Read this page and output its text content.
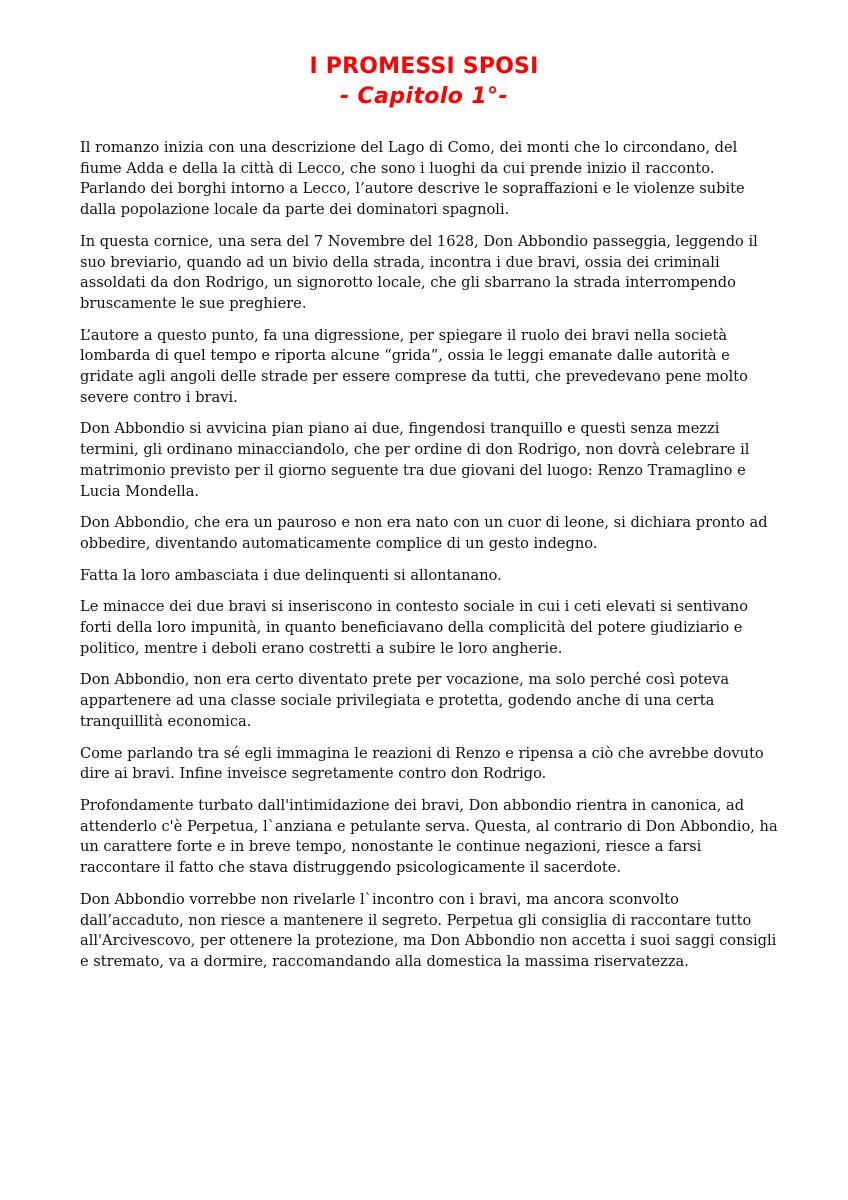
I PROMESSI SPOSI
- Capitolo 1°-

Il romanzo inizia con una descrizione del Lago di Como, dei monti che lo circondano, del fiume Adda e della la città di Lecco, che sono i luoghi da cui prende inizio il racconto. Parlando dei borghi intorno a Lecco, l’autore descrive le sopraffazioni e le violenze subite dalla popolazione locale da parte dei dominatori spagnoli.

In questa cornice, una sera del 7 Novembre del 1628, Don Abbondio passeggia, leggendo il suo breviario, quando ad un bivio della strada, incontra i due bravi, ossia dei criminali assoldati da don Rodrigo, un signorotto locale, che gli sbarrano la strada interrompendo bruscamente le sue preghiere.

L’autore a questo punto, fa una digressione, per spiegare il ruolo dei bravi nella società lombarda di quel tempo e riporta alcune “grida”, ossia le leggi emanate dalle autorità e gridate agli angoli delle strade per essere comprese da tutti, che prevedevano pene molto severe contro i bravi.

Don Abbondio si avvicina pian piano ai due, fingendosi tranquillo e questi senza mezzi termini, gli ordinano minacciandolo, che per ordine di don Rodrigo, non dovrà celebrare il matrimonio previsto per il giorno seguente tra due giovani del luogo: Renzo Tramaglino e Lucia Mondella.

Don Abbondio, che era un pauroso e non era nato con un cuor di leone, si dichiara pronto ad obbedire, diventando automaticamente complice di un gesto indegno.

Fatta la loro ambasciata i due delinquenti si allontanano.

Le minacce dei due bravi si inseriscono in contesto sociale in cui i ceti elevati si sentivano forti della loro impunità, in quanto beneficiavano della complicità del potere giudiziario e politico, mentre i deboli erano costretti a subire le loro angherie.

Don Abbondio, non era certo diventato prete per vocazione, ma solo perché così poteva appartenere ad una classe sociale privilegiata e protetta, godendo anche di una certa tranquillità economica.

Come parlando tra sé egli immagina le reazioni di Renzo e ripensa a ciò che avrebbe dovuto dire ai bravi. Infine inveisce segretamente contro don Rodrigo.

Profondamente turbato dall'intimidazione dei bravi, Don abbondio rientra in canonica, ad attenderlo c'è Perpetua, l`anziana e petulante serva. Questa, al contrario di Don Abbondio, ha un carattere forte e in breve tempo, nonostante le continue negazioni, riesce a farsi raccontare il fatto che stava distruggendo psicologicamente il sacerdote.

Don Abbondio vorrebbe non rivelarle l`incontro con i bravi, ma ancora sconvolto dall’accaduto, non riesce a mantenere il segreto. Perpetua gli consiglia di raccontare tutto all'Arcivescovo, per ottenere la protezione, ma Don Abbondio non accetta i suoi saggi consigli e stremato, va a dormire, raccomandando alla domestica la massima riservatezza.
